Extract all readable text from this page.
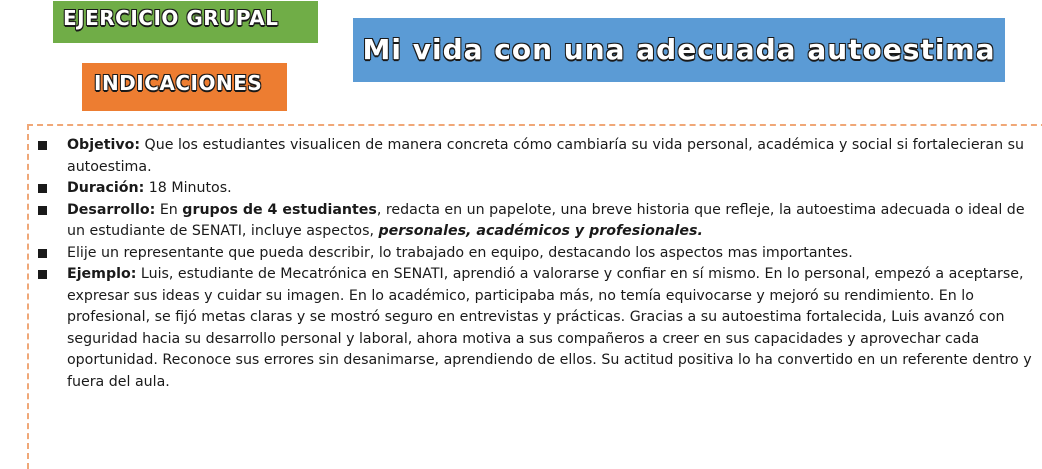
EJERCICIO GRUPAL
INDICACIONES
Mi vida con una adecuada autoestima
Objetivo: Que los estudiantes visualicen de manera concreta cómo cambiaría su vida personal, académica y social si fortalecieran su autoestima.
Duración: 18 Minutos.
Desarrollo: En grupos de 4 estudiantes, redacta en un papelote, una breve historia que refleje, la autoestima adecuada o ideal de un estudiante de SENATI, incluye aspectos, personales, académicos y profesionales.
Elije un representante que pueda describir, lo trabajado en equipo, destacando los aspectos mas importantes.
Ejemplo: Luis, estudiante de Mecatrónica en SENATI, aprendió a valorarse y confiar en sí mismo. En lo personal, empezó a aceptarse, expresar sus ideas y cuidar su imagen. En lo académico, participaba más, no temía equivocarse y mejoró su rendimiento. En lo profesional, se fijó metas claras y se mostró seguro en entrevistas y prácticas. Gracias a su autoestima fortalecida, Luis avanzó con seguridad hacia su desarrollo personal y laboral, ahora motiva a sus compañeros a creer en sus capacidades y aprovechar cada oportunidad. Reconoce sus errores sin desanimarse, aprendiendo de ellos. Su actitud positiva lo ha convertido en un referente dentro y fuera del aula.
